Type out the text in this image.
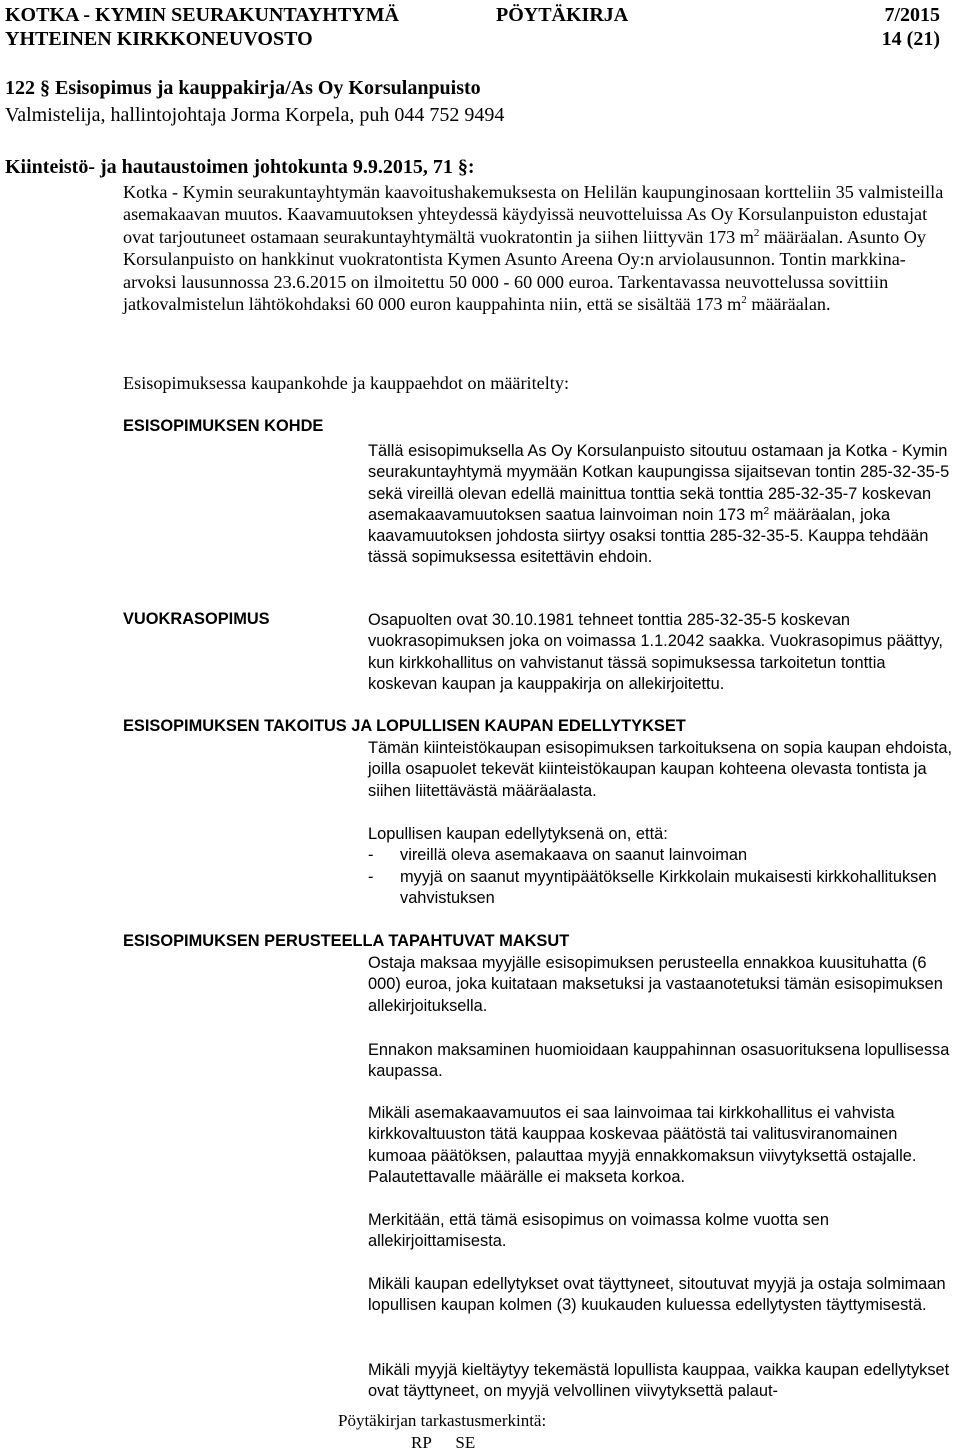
KOTKA - KYMIN SEURAKUNTAYHTYMÄ	PÖYTÄKIRJA	7/2015
YHTEINEN KIRKKONEUVOSTO	14 (21)
122 § Esisopimus ja kauppakirja/As Oy Korsulanpuisto
Valmistelija, hallintojohtaja Jorma Korpela, puh 044 752 9494
Kiinteistö- ja hautaustoimen johtokunta 9.9.2015, 71 §:

Kotka - Kymin seurakuntayhtymän kaavoitushakemuksesta on Helilän kaupunginosaan kortteliin 35 valmisteilla asemakaavan muutos. Kaavamuutoksen yhteydessä käydyissä neuvotteluissa As Oy Korsulanpuiston edustajat ovat tarjoutuneet ostamaan seurakuntayhtymältä vuokratontin ja siihen liittyvän 173 $m^2$ määräalan. Asunto Oy Korsulanpuisto on hankkinut vuokratontista Kymen Asunto Areena Oy:n arviolausunnon. Tontin markkina-arvoksi lausunnossa 23.6.2015 on ilmoitettu 50 000 - 60 000 euroa. Tarkentavassa neuvottelussa sovittiin jatkovalmistelun lähtökohdaksi 60 000 euron kauppahinta niin, että se sisältää 173 $m^2$ määräalan.

Esisopimuksessa kaupankohde ja kauppaehdot on määritelty:
ESISOPIMUKSEN KOHDE

Tällä esisopimuksella As Oy Korsulanpuisto sitoutuu ostamaan ja Kotka - Kymin seurakuntayhtymä myymään Kotkan kaupungissa sijaitsevan tontin 285-32-35-5 sekä vireillä olevan edellä mainittua tonttia sekä tonttia 285-32-35-7 koskevan asemakaavamuutoksen saatua lainvoiman noin 173 $m^2$ määräalan, joka kaavamuutoksen johdosta siirtyy osaksi tonttia 285-32-35-5. Kauppa tehdään tässä sopimuksessa esitettävin ehdoin.

VUOKRASOPIMUS	Osapuolten ovat 30.10.1981 tehneet tonttia 285-32-35-5 koskevan vuokrasopimuksen joka on voimassa 1.1.2042 saakka. Vuokrasopimus päättyy, kun kirkkohallitus on vahvistanut tässä sopimuksessa tarkoitetun tonttia koskevan kaupan ja kauppakirja on allekirjoitettu.

ESISOPIMUKSEN TAKOITUS JA LOPULLISEN KAUPAN EDELLYTYKSET

Tämän kiinteistökaupan esisopimuksen tarkoituksena on sopia kaupan ehdoista, joilla osapuolet tekevät kiinteistökaupan kaupan kohteena olevasta tontista ja siihen liitettävästä määräalasta.

Lopullisen kaupan edellytyksenä on, että:

- vireillä oleva asemakaava on saanut lainvoiman
- myyjä on saanut myyntipäätökselle Kirkkolain mukaisesti kirkkohallituksen vahvistuksen
ESISOPIMUKSEN PERUSTEELLA TAPAHTUVAT MAKSUT

Ostaja maksaa myyjälle esisopimuksen perusteella ennakkoa kuusituhatta (6 000) euroa, joka kuitataan maksetuksi ja vastaanotetuksi tämän esisopimuksen allekirjoituksella.

Ennakon maksaminen huomioidaan kauppahinnan osasuorituksena lopullisessa kaupassa.

Mikäli asemakaavamuutos ei saa lainvoimaa tai kirkkohallitus ei vahvista kirkkovaltuuston tätä kauppaa koskevaa päätöstä tai valitusviranomainen kumoaa päätöksen, palauttaa myyjä ennakkomaksun viivytyksettä ostajalle. Palautettavalle määrälle ei makseta korkoa.

Merkitään, että tämä esisopimus on voimassa kolme vuotta sen allekirjoittamisesta.

Mikäli kaupan edellytykset ovat täyttyneet, sitoutuvat myyjä ja ostaja solmimaan lopullisen kaupan kolmen (3) kuukauden kuluessa edellytysten täyttymisestä.

Mikäli myyjä kieltäytyy tekemästä lopullista kauppaa, vaikka kaupan edellytykset ovat täyttyneet, on myyjä velvollinen viivytyksettä palaut-

Pöytäkirjan tarkastusmerkintä:
RP SE
